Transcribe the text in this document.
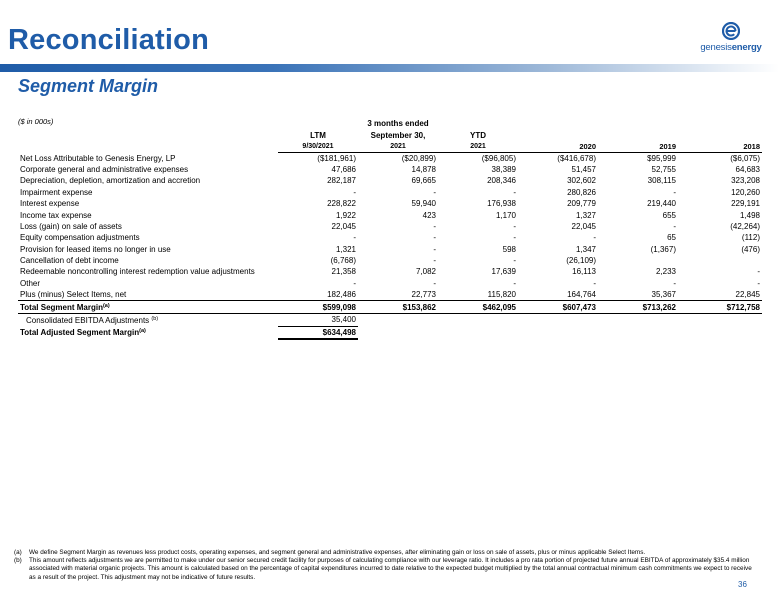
Reconciliation
Segment Margin
genesisenergy
($ in 000s)
			3 months ended				
	LTM	September 30,	YTD			
	9/30/2021	2021	2021	2020	2019	2018
Net Loss Attributable to Genesis Energy, LP	($181,961)	($20,899)	($96,805)	($416,678)	$95,999	($6,075)
Corporate general and administrative expenses	47,686	14,878	38,389	51,457	52,755	64,683
Depreciation, depletion, amortization and accretion	282,187	69,665	208,346	302,602	308,115	323,208
Impairment expense	-	-	-	280,826	-	120,260
Interest expense	228,822	59,940	176,938	209,779	219,440	229,191
Income tax expense	1,922	423	1,170	1,327	655	1,498
Loss (gain) on sale of assets	22,045	-	-	22,045	-	(42,264)
Equity compensation adjustments	-	-	-	-	65	(112)
Provision for leased items no longer in use	1,321	-	598	1,347	(1,367)	(476)
Cancellation of debt income	(6,768)	-	-	(26,109)		
Redeemable noncontrolling interest redemption value adjustments	21,358	7,082	17,639	16,113	2,233	-
Other	-	-	-	-	-	-
Plus (minus) Select Items, net	182,486	22,773	115,820	164,764	35,367	22,845
Total Segment Margin$^{(a)}$	$599,098	$153,862	$462,095	$607,473	$713,262	$712,758
Consolidated EBITDA Adjustments $^{(b)}$	35,400					
Total Adjusted Segment Margin$^{(a)}$	$634,498					
(a)	We define Segment Margin as revenues less product costs, operating expenses, and segment general and administrative expenses, after eliminating gain or loss on sale of assets, plus or minus applicable Select Items.
(b)	This amount reflects adjustments we are permitted to make under our senior secured credit facility for purposes of calculating compliance with our leverage ratio. It includes a pro rata portion of projected future annual EBITDA of approximately $35.4 million associated with material organic projects. This amount is calculated based on the percentage of capital expenditures incurred to date relative to the expected budget multiplied by the total annual contractual minimum cash commitments we expect to receive as a result of the project. This adjustment may not be indicative of future results.
36
